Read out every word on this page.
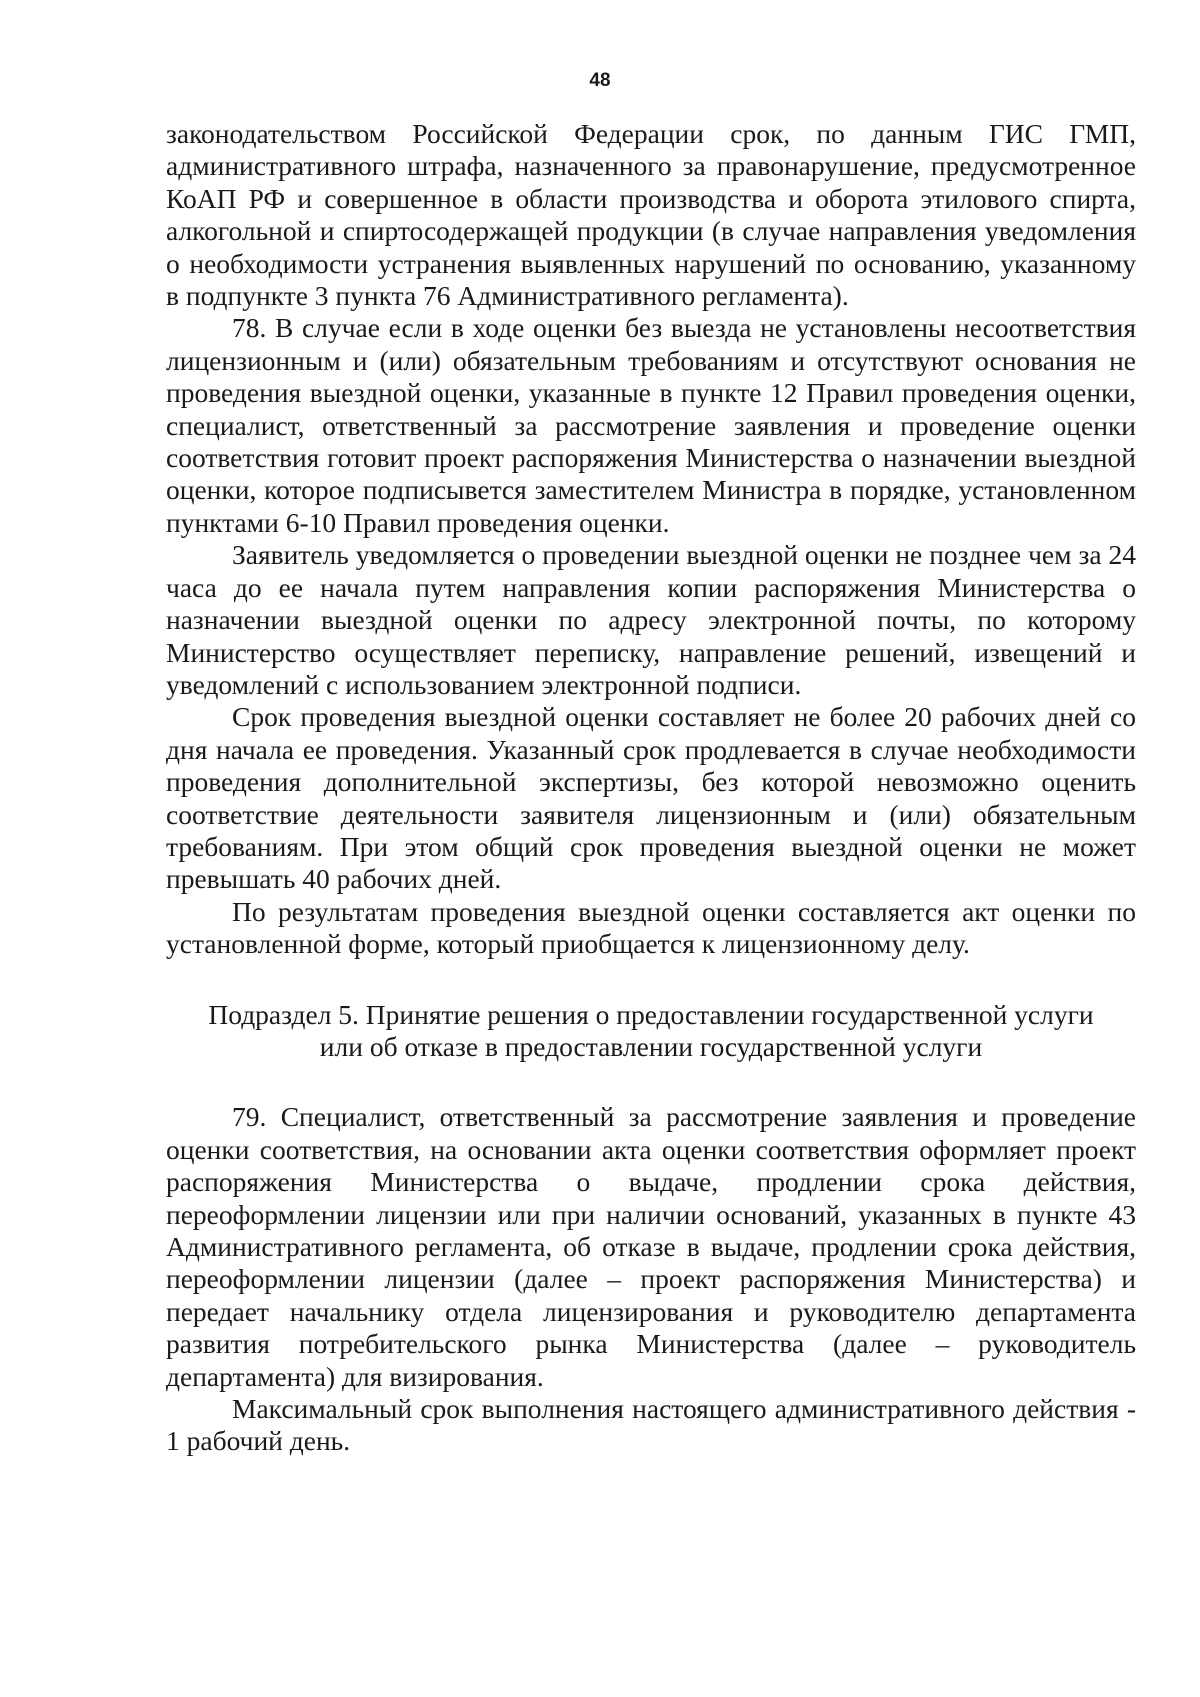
48

законодательством Российской Федерации срок, по данным ГИС ГМП, административного штрафа, назначенного за правонарушение, предусмотренное КоАП РФ и совершенное в области производства и оборота этилового спирта, алкогольной и спиртосодержащей продукции (в случае направления уведомления о необходимости устранения выявленных нарушений по основанию, указанному в подпункте 3 пункта 76 Административного регламента).

78. В случае если в ходе оценки без выезда не установлены несоответствия лицензионным и (или) обязательным требованиям и отсутствуют основания не проведения выездной оценки, указанные в пункте 12 Правил проведения оценки, специалист, ответственный за рассмотрение заявления и проведение оценки соответствия готовит проект распоряжения Министерства о назначении выездной оценки, которое подписывется заместителем Министра в порядке, установленном пунктами 6-10 Правил проведения оценки.

Заявитель уведомляется о проведении выездной оценки не позднее чем за 24 часа до ее начала путем направления копии распоряжения Министерства о назначении выездной оценки по адресу электронной почты, по которому Министерство осуществляет переписку, направление решений, извещений и уведомлений с использованием электронной подписи.

Срок проведения выездной оценки составляет не более 20 рабочих дней со дня начала ее проведения. Указанный срок продлевается в случае необходимости проведения дополнительной экспертизы, без которой невозможно оценить соответствие деятельности заявителя лицензионным и (или) обязательным требованиям. При этом общий срок проведения выездной оценки не может превышать 40 рабочих дней.

По результатам проведения выездной оценки составляется акт оценки по установленной форме, который приобщается к лицензионному делу.

Подраздел 5. Принятие решения о предоставлении государственной услуги
или об отказе в предоставлении государственной услуги

79. Специалист, ответственный за рассмотрение заявления и проведение оценки соответствия, на основании акта оценки соответствия оформляет проект распоряжения Министерства о выдаче, продлении срока действия, переоформлении лицензии или при наличии оснований, указанных в пункте 43 Административного регламента, об отказе в выдаче, продлении срока действия, переоформлении лицензии (далее – проект распоряжения Министерства) и передает начальнику отдела лицензирования и руководителю департамента развития потребительского рынка Министерства (далее – руководитель департамента) для визирования.

Максимальный срок выполнения настоящего административного действия - 1 рабочий день.
